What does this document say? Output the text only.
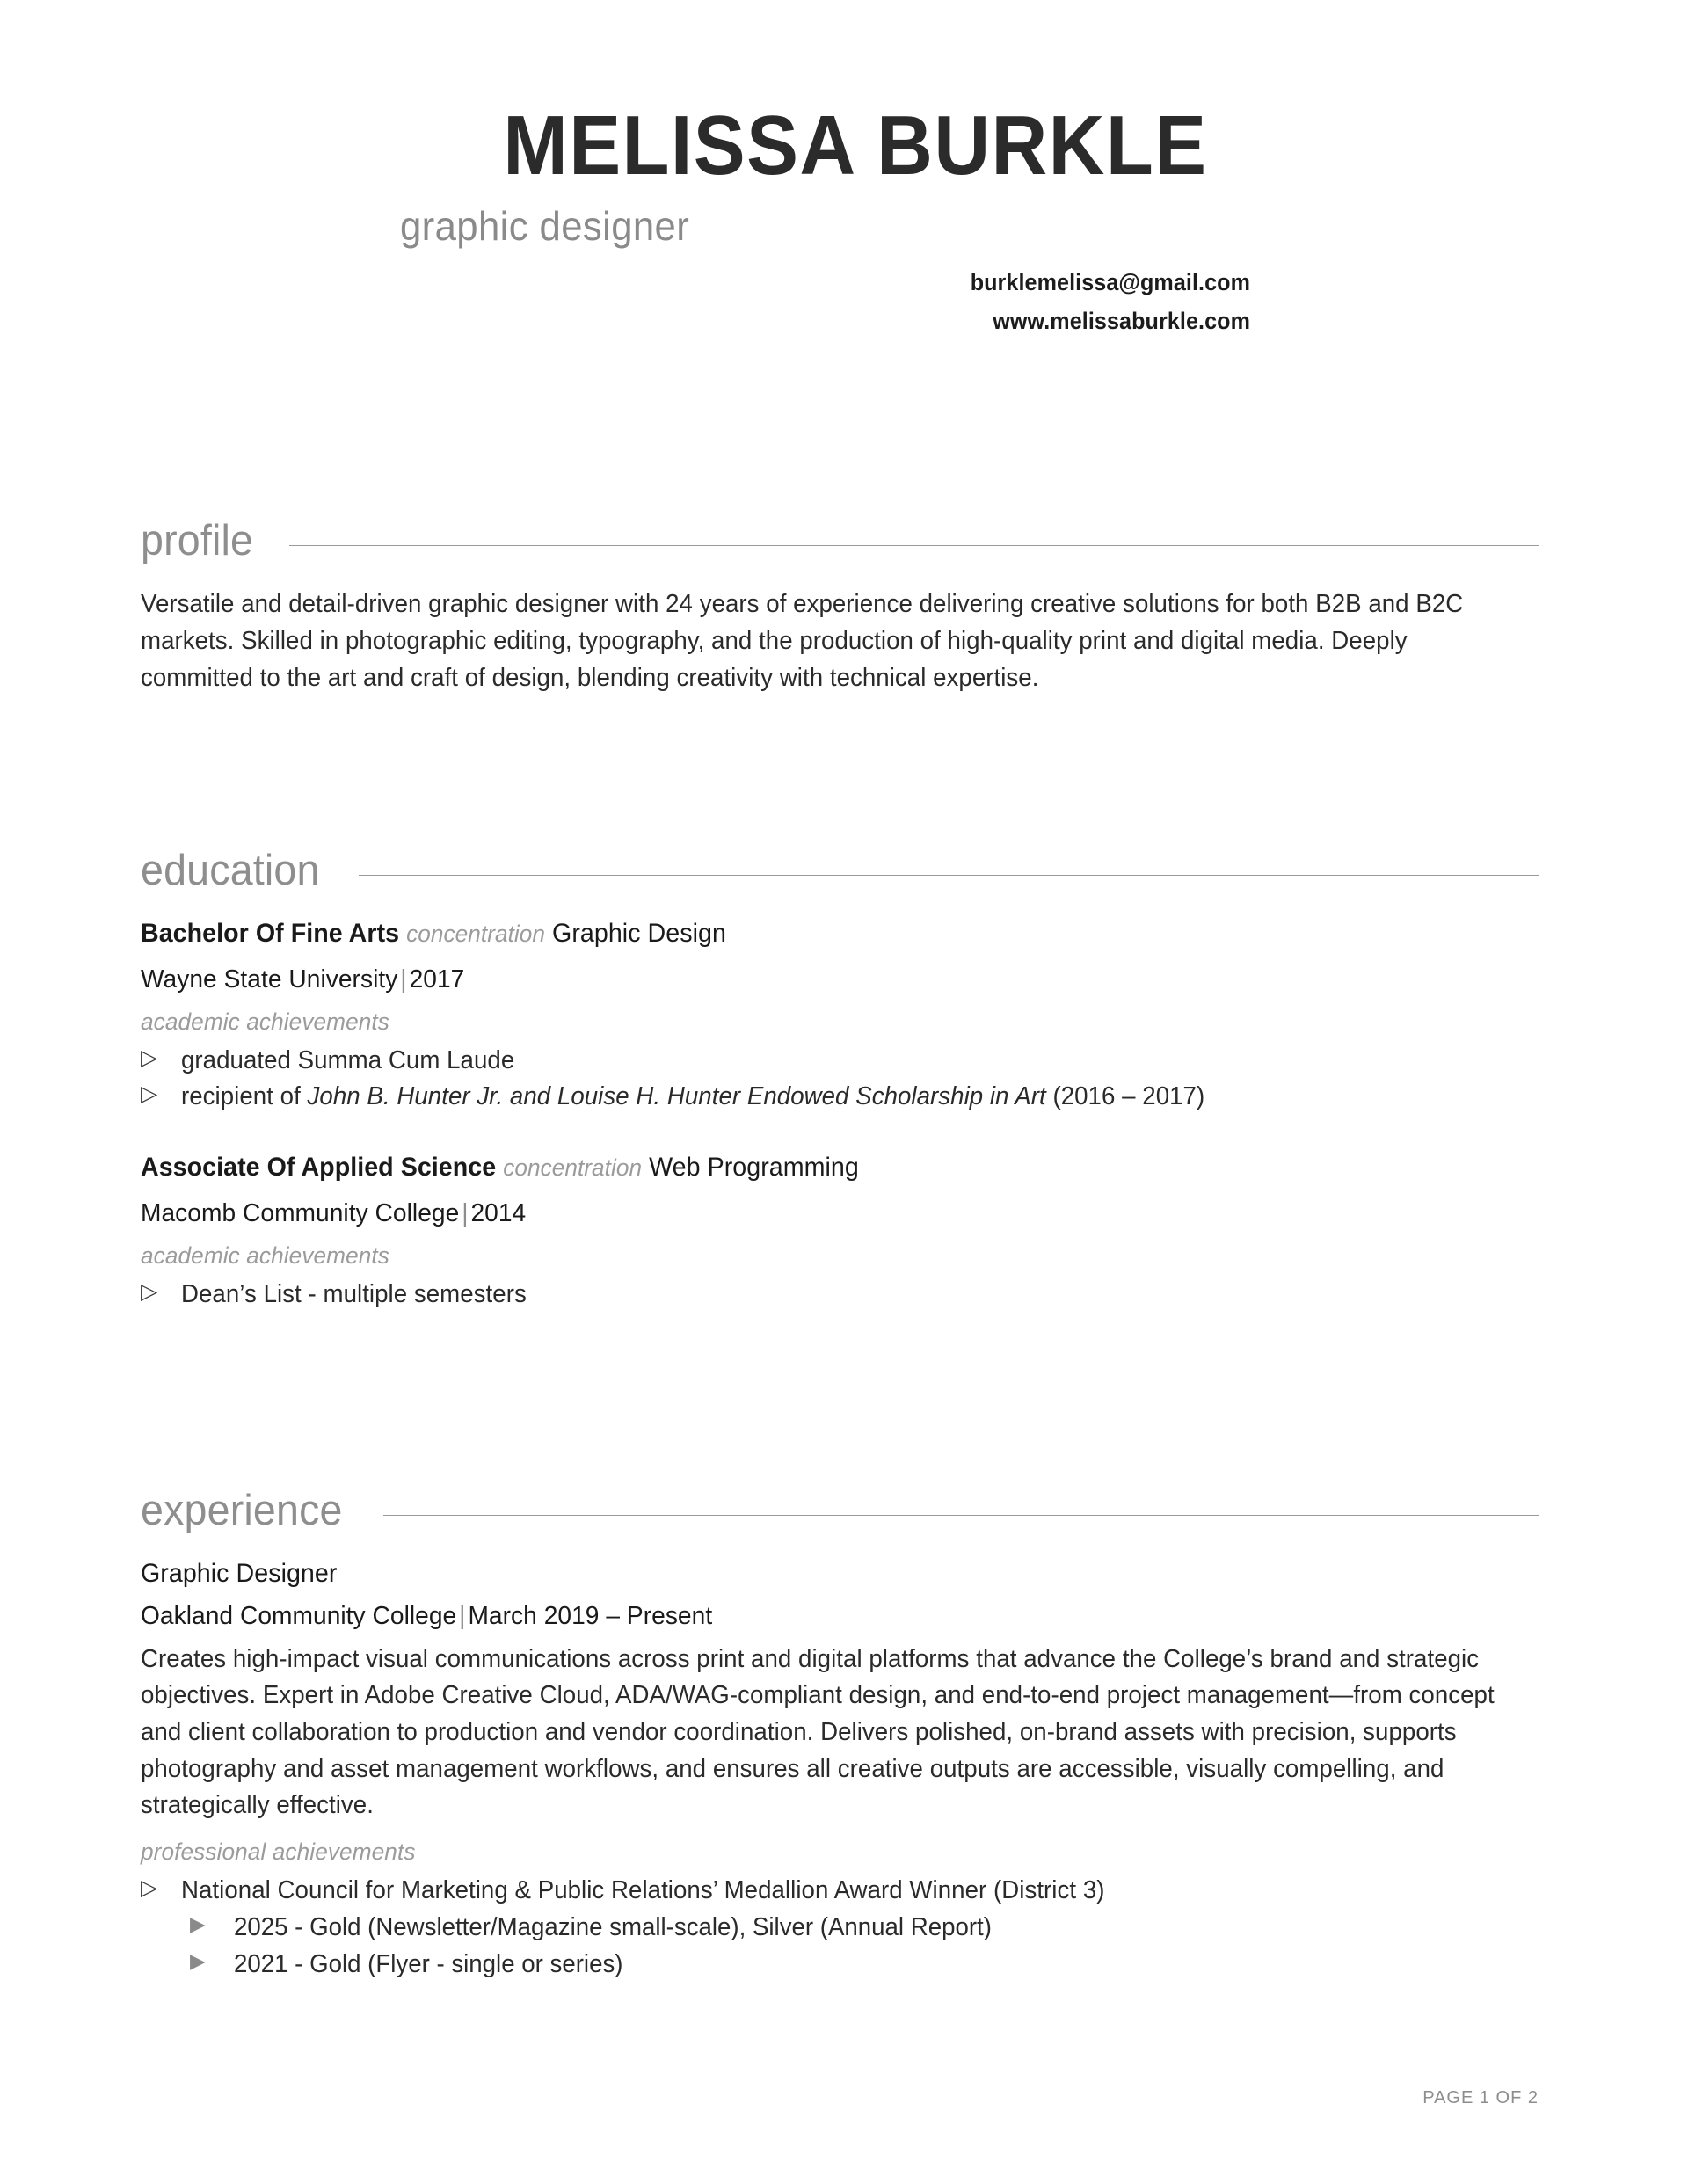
MELISSA BURKLE
graphic designer
burklemelissa@gmail.com
www.melissaburkle.com
profile
Versatile and detail-driven graphic designer with 24 years of experience delivering creative solutions for both B2B and B2C markets. Skilled in photographic editing, typography, and the production of high-quality print and digital media. Deeply committed to the art and craft of design, blending creativity with technical expertise.
education
Bachelor Of Fine Arts concentration Graphic Design
Wayne State University | 2017
academic achievements
▷ graduated Summa Cum Laude
▷ recipient of John B. Hunter Jr. and Louise H. Hunter Endowed Scholarship in Art (2016 – 2017)
Associate Of Applied Science concentration Web Programming
Macomb Community College | 2014
academic achievements
▷ Dean’s List - multiple semesters
experience
Graphic Designer
Oakland Community College | March 2019 – Present
Creates high-impact visual communications across print and digital platforms that advance the College’s brand and strategic objectives. Expert in Adobe Creative Cloud, ADA/WAG-compliant design, and end-to-end project management—from concept and client collaboration to production and vendor coordination. Delivers polished, on-brand assets with precision, supports photography and asset management workflows, and ensures all creative outputs are accessible, visually compelling, and strategically effective.
professional achievements
▷ National Council for Marketing & Public Relations’ Medallion Award Winner (District 3)
▶ 2025 - Gold (Newsletter/Magazine small-scale), Silver (Annual Report)
▶ 2021 - Gold (Flyer - single or series)
PAGE 1 OF 2
